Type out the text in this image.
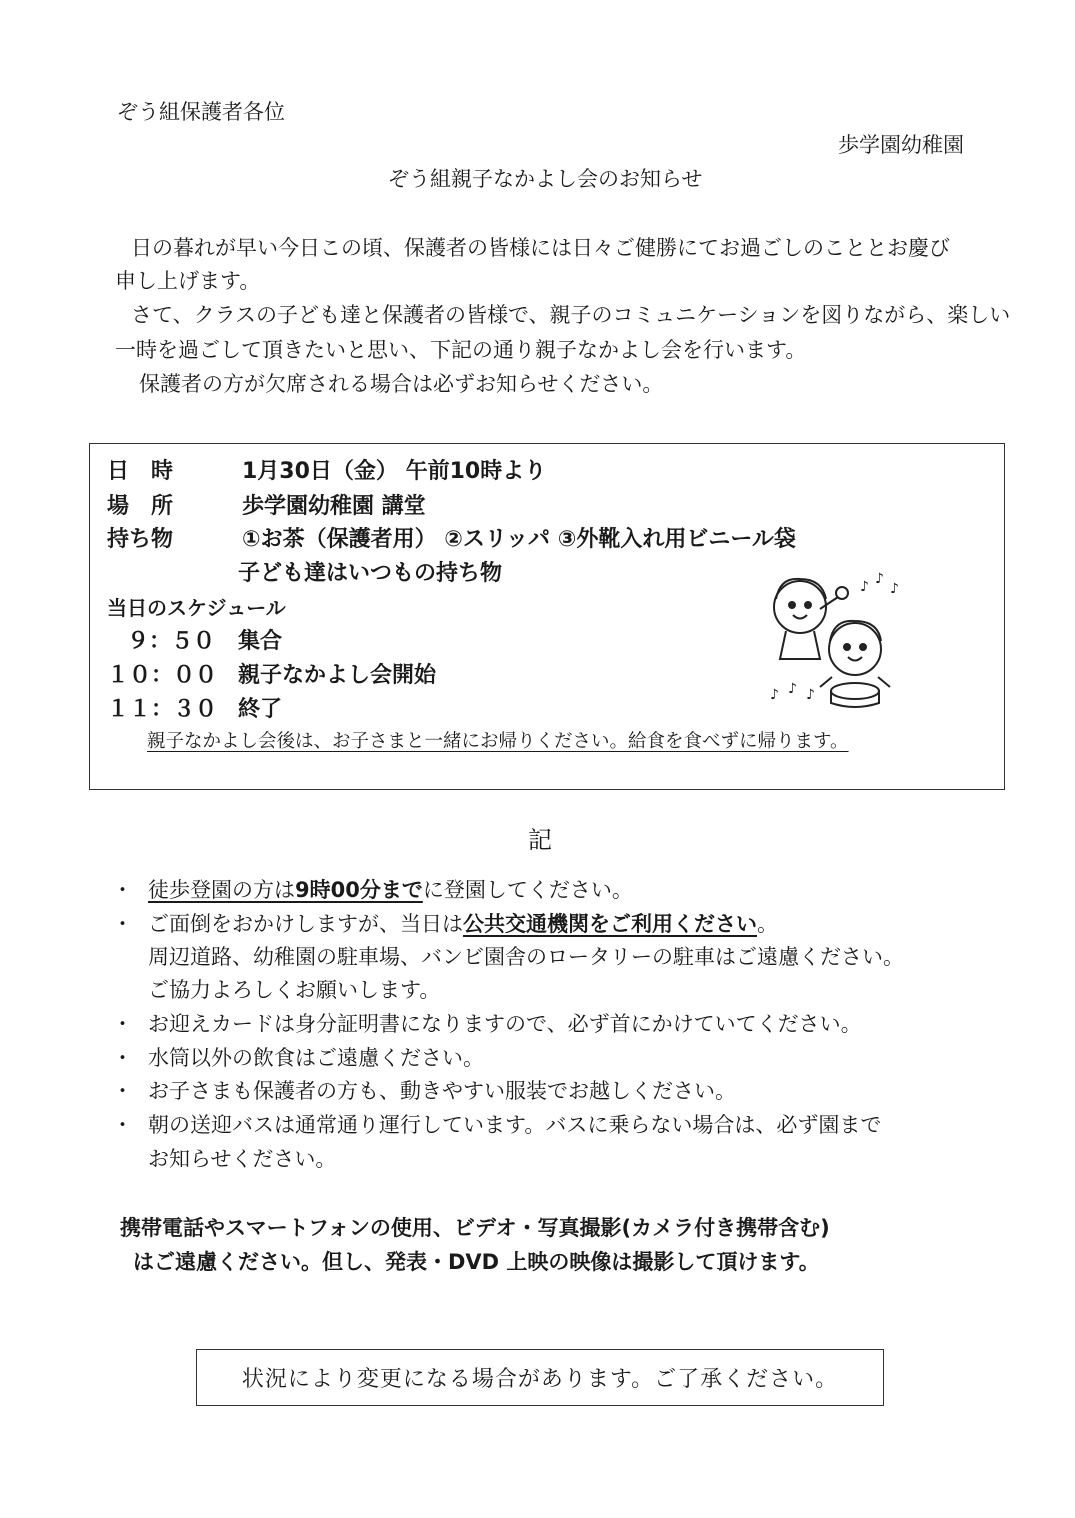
ぞう組保護者各位
歩学園幼稚園
ぞう組親子なかよし会のお知らせ
日の暮れが早い今日この頃、保護者の皆様には日々ご健勝にてお過ごしのこととお慶び
申し上げます。
さて、クラスの子ども達と保護者の皆様で、親子のコミュニケーションを図りながら、楽しい
一時を過ごして頂きたいと思い、下記の通り親子なかよし会を行います。
保護者の方が欠席される場合は必ずお知らせください。
日　時	1月30日（金） 午前10時より
場　所	歩学園幼稚園 講堂
持ち物	①お茶（保護者用） ②スリッパ ③外靴入れ用ビニール袋
子ども達はいつもの持ち物
当日のスケジュール
９：５０ 集合
１０：００ 親子なかよし会開始
１１：３０ 終了
親子なかよし会後は、お子さまと一緒にお帰りください。給食を食べずに帰ります。
♪ ♪
♪
♪ ♪ ♪
記
・ 徒歩登園の方は9時00分までに登園してください。
・ ご面倒をおかけしますが、当日は公共交通機関をご利用ください。
周辺道路、幼稚園の駐車場、バンビ園舎のロータリーの駐車はご遠慮ください。
ご協力よろしくお願いします。
・ お迎えカードは身分証明書になりますので、必ず首にかけていてください。
・ 水筒以外の飲食はご遠慮ください。
・ お子さまも保護者の方も、動きやすい服装でお越しください。
・ 朝の送迎バスは通常通り運行しています。バスに乗らない場合は、必ず園まで
お知らせください。
携帯電話やスマートフォンの使用、ビデオ・写真撮影(カメラ付き携帯含む)
はご遠慮ください。但し、発表・DVD 上映の映像は撮影して頂けます。
状況により変更になる場合があります。ご了承ください。
